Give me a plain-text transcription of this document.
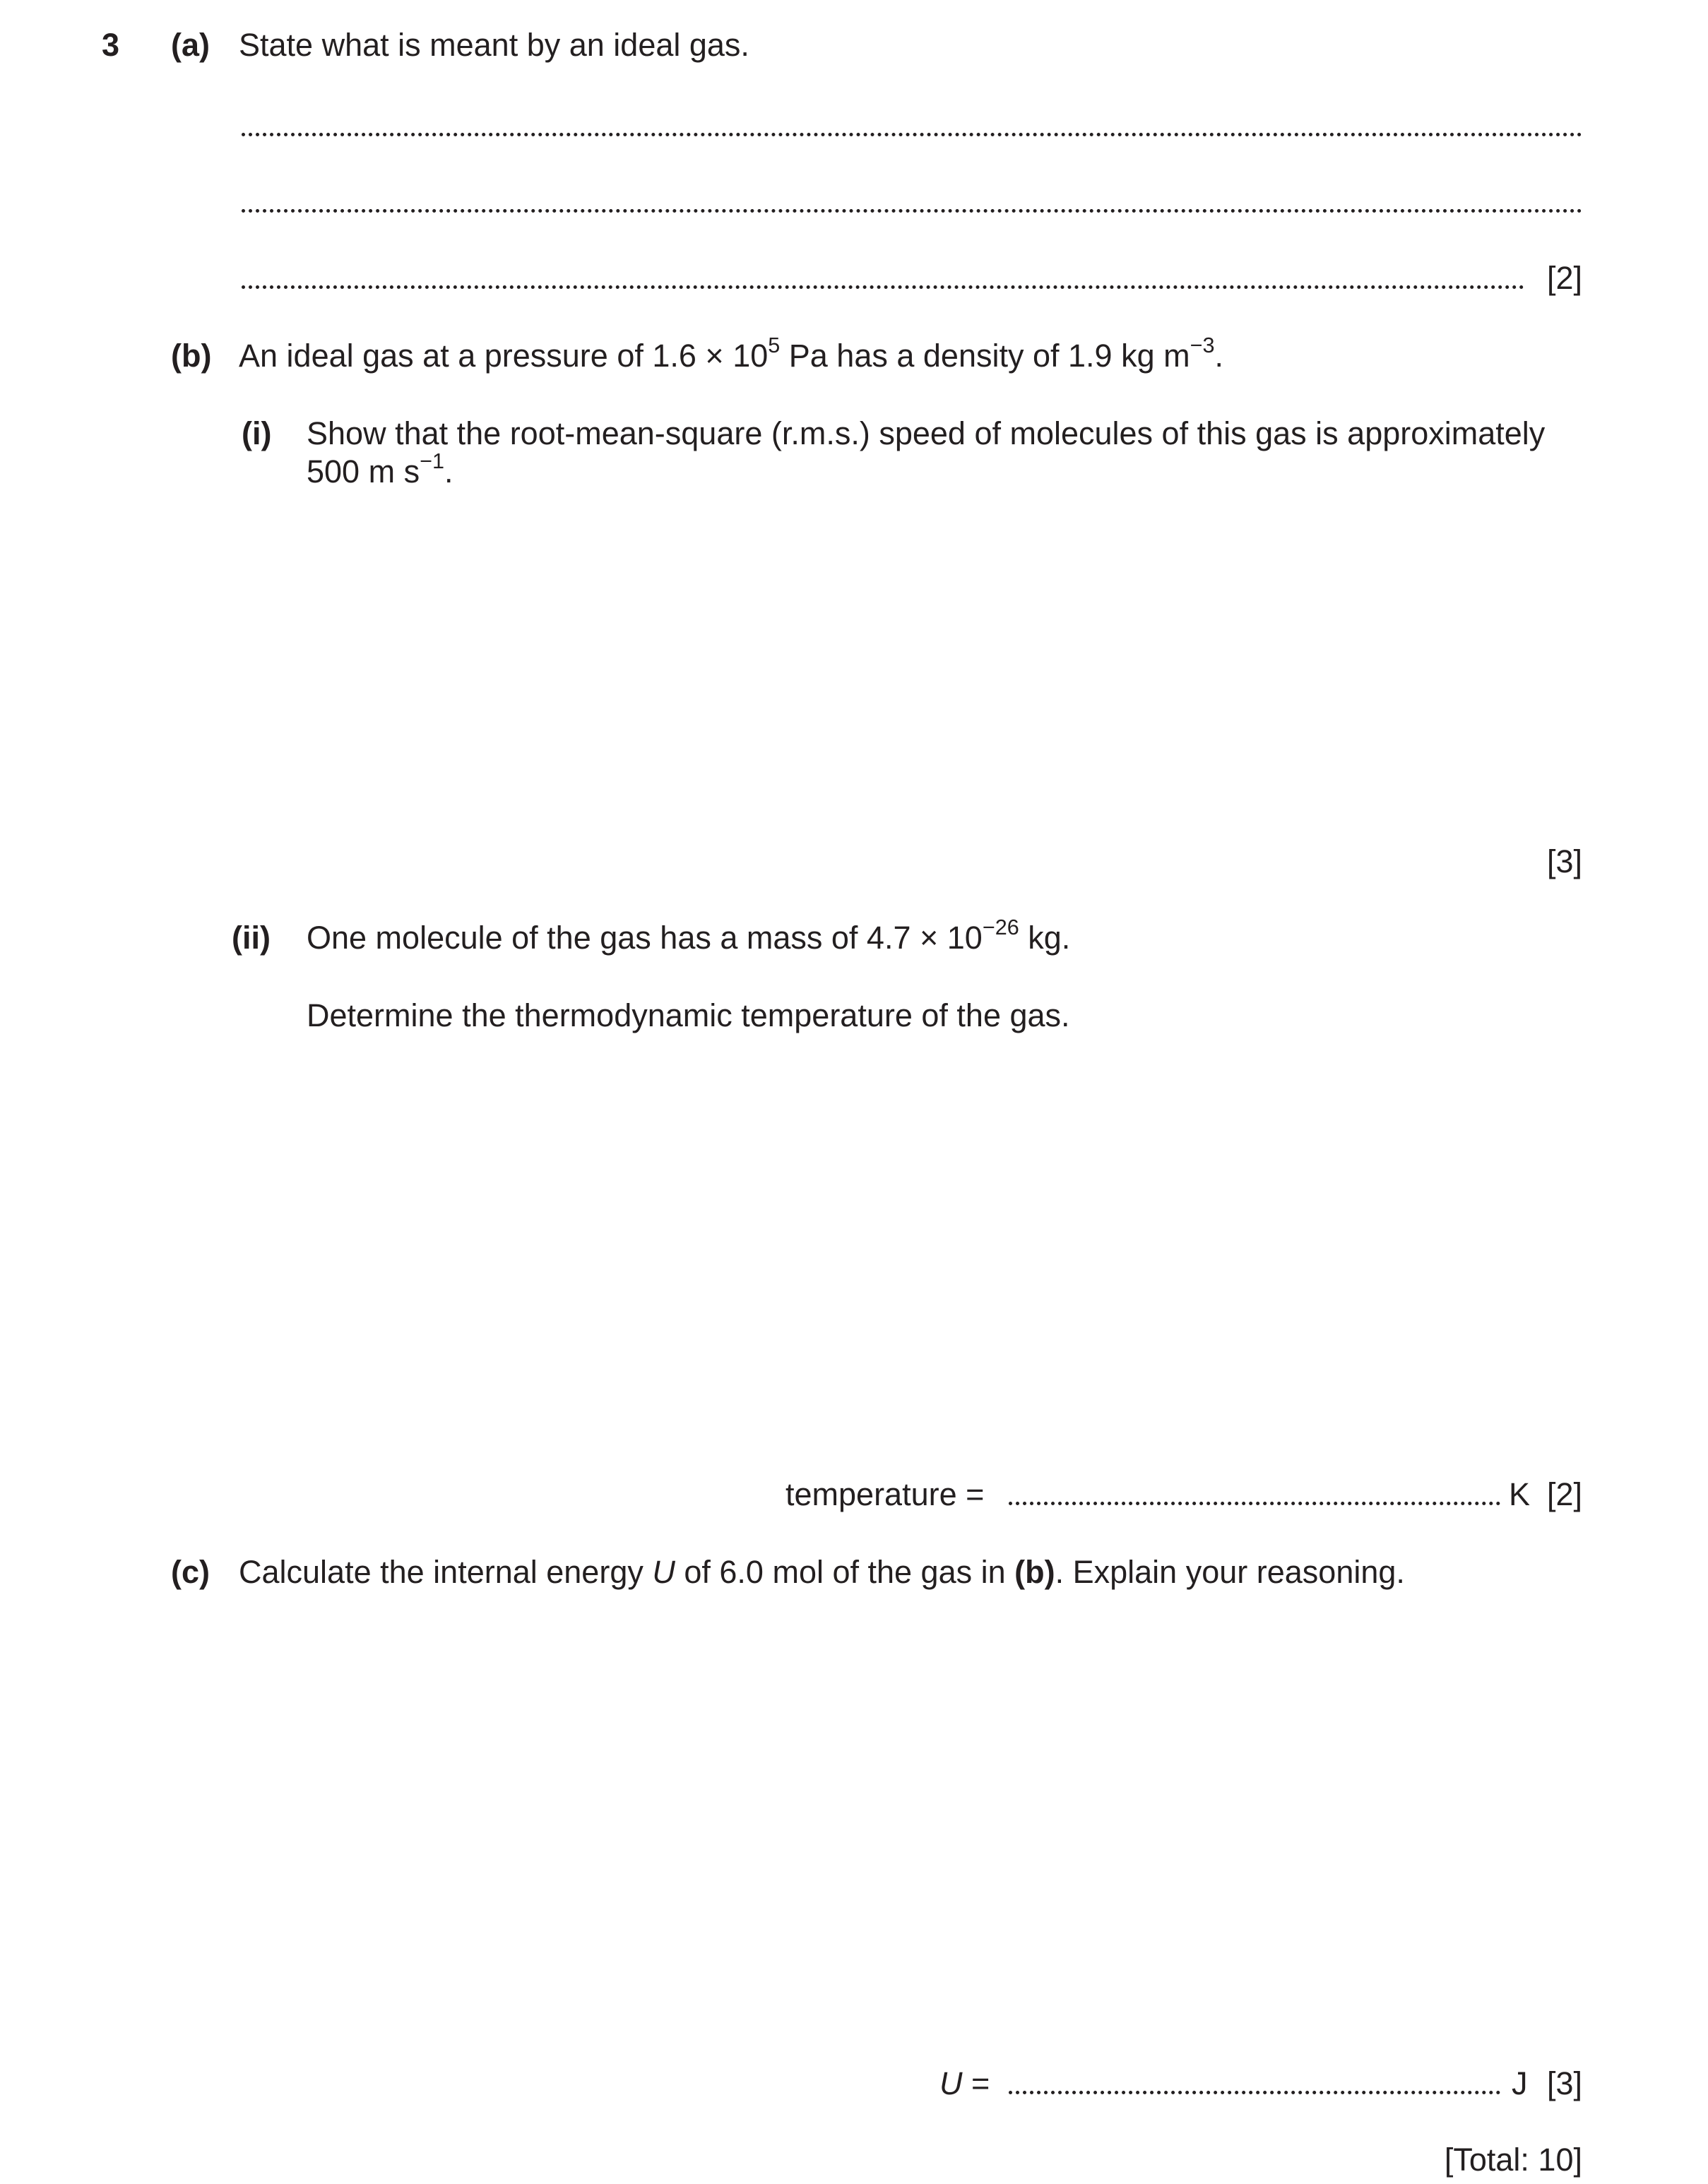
3 (a) State what is meant by an ideal gas.
[2]
(b) An ideal gas at a pressure of $1.6 \times 10^5$ Pa has a density of 1.9 kg $m^{-3}$.
(i) Show that the root-mean-square (r.m.s.) speed of molecules of this gas is approximately
500 m $s^{-1}$.
[3]
(ii) One molecule of the gas has a mass of $4.7 \times 10^{-26}$ kg.
Determine the thermodynamic temperature of the gas.
temperature =	K [2]
(c) Calculate the internal energy U of 6.0 mol of the gas in (b). Explain your reasoning.
U =	J [3]
[Total: 10]
